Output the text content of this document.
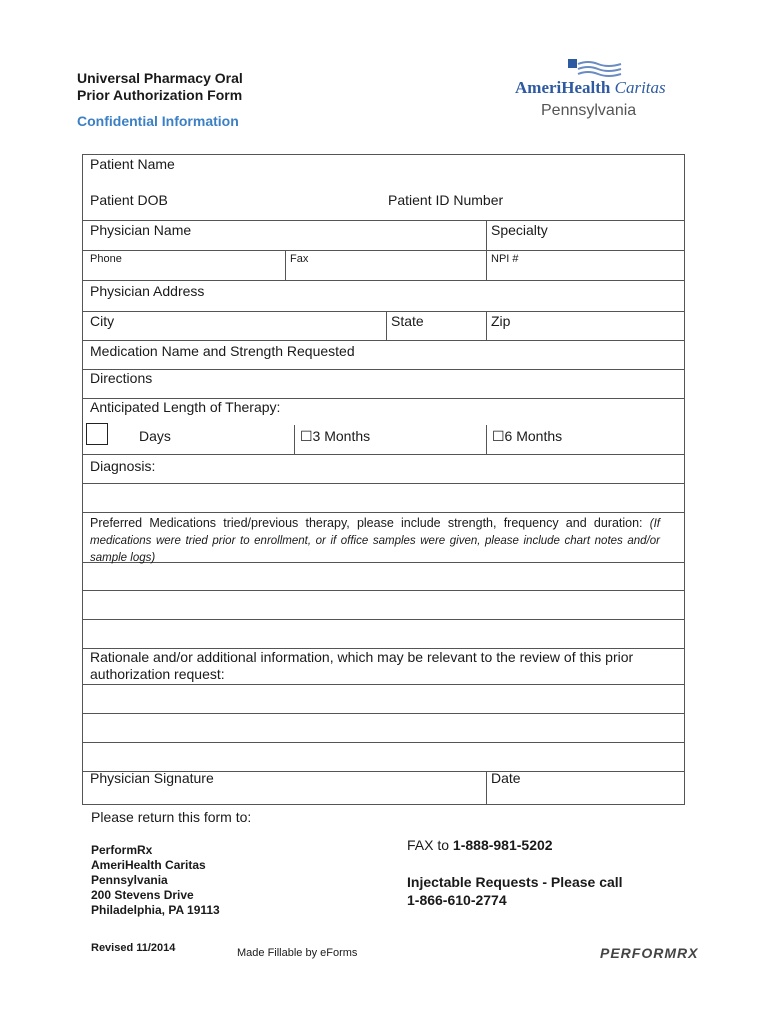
Universal Pharmacy Oral
Prior Authorization Form
Confidential Information
AmeriHealth Caritas
Pennsylvania
Patient Name
Patient DOB	Patient ID Number
Physician Name	Specialty
Phone	Fax	NPI #
Physician Address
City	State	Zip
Medication Name and Strength Requested
Directions
Anticipated Length of Therapy:
Days	☐3 Months	☐6 Months
Diagnosis:
Preferred Medications tried/previous therapy, please include strength, frequency and duration: (If medications were tried prior to enrollment, or if office samples were given, please include chart notes and/or sample logs)
Rationale and/or additional information, which may be relevant to the review of this prior authorization request:
Physician Signature	Date
Please return this form to:
PerformRx
AmeriHealth Caritas
Pennsylvania
200 Stevens Drive
Philadelphia, PA 19113
FAX to 1-888-981-5202
Injectable Requests - Please call
1-866-610-2774
Revised 11/2014	Made Fillable by eForms	PERFORMRX
